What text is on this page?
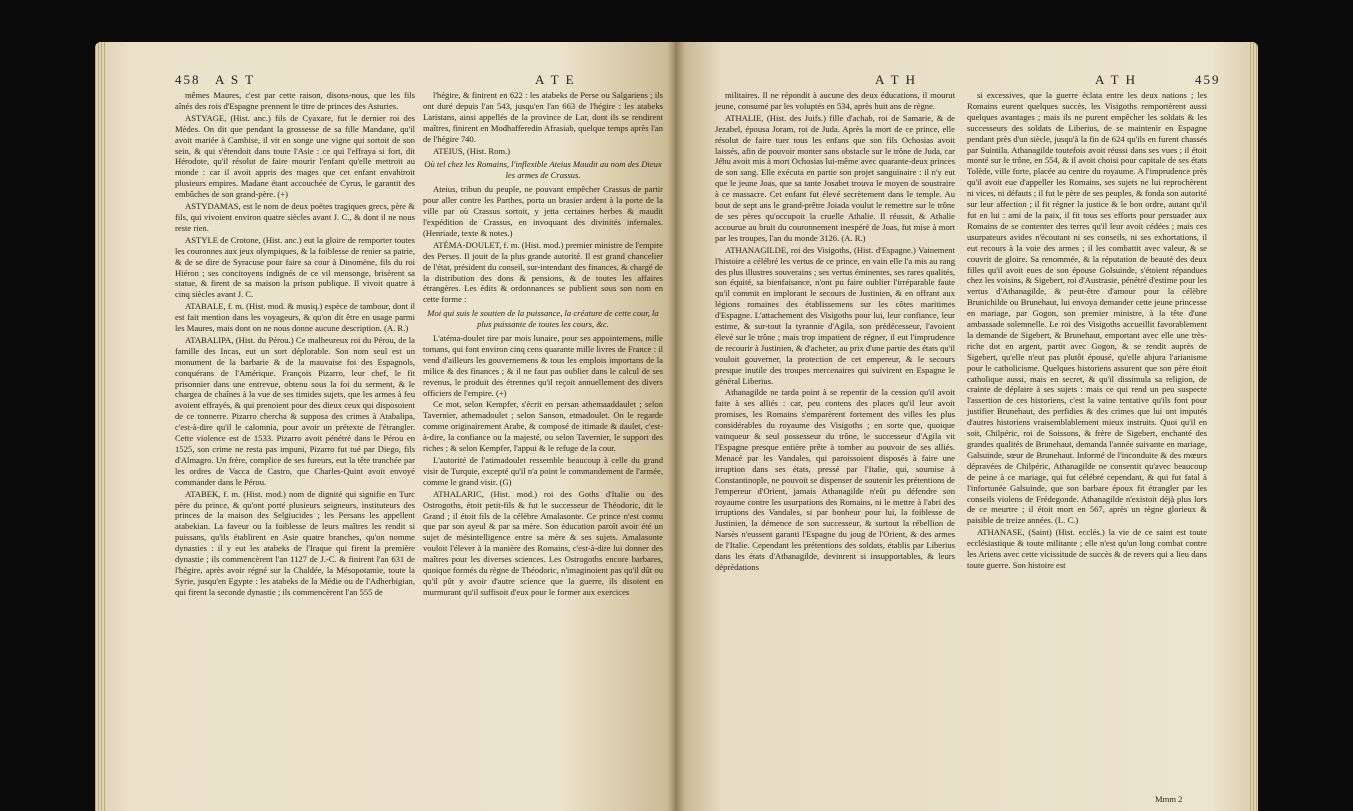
458 A S T	A T E

mêmes Maures, c'est par cette raison, disons-nous, que les fils aînés des rois d'Espagne prennent le titre de princes des Asturies.

ASTYAGE, (Hist. anc.) fils de Cyaxare, fut le dernier roi des Mèdes. On dit que pendant la grossesse de sa fille Mandane, qu'il avoit mariée à Cambise, il vit en songe une vigne qui sortoit de son sein, & qui s'étendoit dans toute l'Asie : ce qui l'effraya si fort, dit Hérodote, qu'il résolut de faire mourir l'enfant qu'elle mettroit au monde : car il avoit appris des mages que cet enfant envahiroit plusieurs empires. Madane étant accouchée de Cyrus, le garantit des embûches de son grand-père. (+)

ASTYDAMAS, est le nom de deux poëtes tragiques grecs, père & fils, qui vivoient environ quatre siècles avant J. C., & dont il ne nous reste rien.

ASTYLE de Crotone, (Hist. anc.) eut la gloire de remporter toutes les couronnes aux jeux olympiques, & la foiblesse de renier sa patrie, & de se dire de Syracuse pour faire sa cour à Dinomène, fils du roi Hiéron ; ses concitoyens indignés de ce vil mensonge, brisèrent sa statue, & firent de sa maison la prison publique. Il vivoit quatre à cinq siècles avant J. C.

ATABALE, f. m. (Hist. mod. & musiq.) espèce de tambour, dont il est fait mention dans les voyageurs, & qu'on dit être en usage parmi les Maures, mais dont on ne nous donne aucune description. (A. R.)

ATABALIPA, (Hist. du Pérou.) Ce malheureux roi du Pérou, de la famille des Incas, eut un sort déplorable. Son nom seul est un monument de la barbarie & de la mauvaise foi des Espagnols, conquérans de l'Amérique. François Pizarro, leur chef, le fit prisonnier dans une entrevue, obtenu sous la foi du serment, & le chargea de chaînes à la vue de ses timides sujets, que les armes à feu avoient effrayés, & qui prenoient pour des dieux ceux qui disposoient de ce tonnerre. Pizarro chercha & supposa des crimes à Atabalipa, c'est-à-dire qu'il le calomnia, pour avoir un prétexte de l'étrangler. Cette violence est de 1533. Pizarro avoit pénétré dans le Pérou en 1525, son crime ne resta pas impuni, Pizarro fut tué par Diego, fils d'Almagro. Un frère, complice de ses fureurs, eut la tête tranchée par les ordres de Vacca de Castro, que Charles-Quint avoit envoyé commander dans le Pérou.

ATABEK, f. m. (Hist. mod.) nom de dignité qui signifie en Turc père du prince, & qu'ont porté plusieurs seigneurs, instituteurs des princes de la maison des Selgiucides ; les Persans les appellent atabekian. La faveur ou la foiblesse de leurs maîtres les rendit si puissans, qu'ils établirent en Asie quatre branches, qu'on nomme dynasties : il y eut les atabeks de l'Iraque qui firent la première dynastie ; ils commencèrent l'an 1127 de J.-C. & finirent l'an 631 de l'hégire, après avoir régné sur la Chaldée, la Mésopotamie, toute la Syrie, jusqu'en Egypte : les atabeks de la Médie ou de l'Adherbigian, qui firent la seconde dynastie ; ils commencèrent l'an 555 de

l'hégire, & finirent en 622 : les atabeks de Perse ou Salgariens ; ils ont duré depuis l'an 543, jusqu'en l'an 663 de l'hégire : les atabeks Laristans, ainsi appellés de la province de Lar, dont ils se rendirent maîtres, finirent en Modhafferedin Afrasiab, quelque temps après l'an de l'hégire 740.

ATEIUS, (Hist. Rom.)

Où tel chez les Romains, l'inflexible Ateius Maudit au nom des Dieux les armes de Crassus.

Ateius, tribun du peuple, ne pouvant empêcher Crassus de partir pour aller contre les Parthes, porta un brasier ardent à la porte de la ville par où Crassus sortoit, y jetta certaines herbes & maudit l'expédition de Crassus, en invoquant des divinités infernales. (Henriade, texte & notes.)

ATÉMA-DOULET, f. m. (Hist. mod.) premier ministre de l'empire des Perses. Il jouit de la plus grande autorité. Il est grand chancelier de l'état, président du conseil, sur-intendant des finances, & chargé de la distribution des dons & pensions, & de toutes les affaires étrangères. Les édits & ordonnances se publient sous son nom en cette forme :

Moi qui suis le soutien de la puissance, la créature de cette cour, la plus puissante de toutes les cours, &c.

L'atéma-doulet tire par mois lunaire, pour ses appointemens, mille tomans, qui font environ cinq cens quarante mille livres de France : il vend d'ailleurs les gouvernemens & tous les emplois importans de la milice & des finances ; & il ne faut pas oublier dans le calcul de ses revenus, le produit des étrennes qu'il reçoit annuellement des divers officiers de l'empire. (+)

Ce mot, selon Kempfer, s'écrit en persan athemaaddaulet ; selon Tavernier, athemadoulet ; selon Sanson, etmadoulet. On le regarde comme originairement Arabe, & composé de itimade & daulet, c'est-à-dire, la confiance ou la majesté, ou selon Tavernier, le support des riches ; & selon Kempfer, l'appui & le refuge de la cour.

L'autorité de l'atimadoulet ressemble beaucoup à celle du grand visir de Turquie, excepté qu'il n'a point le commandement de l'armée, comme le grand visir. (G)

ATHALARIC, (Hist. mod.) roi des Goths d'Italie ou des Ostrogoths, étoit petit-fils & fut le successeur de Théodoric, dit le Grand ; il étoit fils de la célèbre Amalasonte. Ce prince n'est connu que par son ayeul & par sa mère. Son éducation paroît avoir été un sujet de mésintelligence entre sa mère & ses sujets. Amalasonte vouloit l'élever à la manière des Romains, c'est-à-dire lui donner des maîtres pour les diverses sciences. Les Ostrogoths encore barbares, quoique formés du règne de Théodoric, n'imaginoient pas qu'il dût ou qu'il pût y avoir d'autre science que la guerre, ils disoient en murmurant qu'il suffisoit d'eux pour le former aux exercices

A T H	A T H	459

militaires. Il ne répondit à aucune des deux éducations, il mourut jeune, consumé par les voluptés en 534, après huit ans de règne.

ATHALIE, (Hist. des Juifs.) fille d'achab, roi de Samarie, & de Jezabel, épousa Joram, roi de Juda. Après la mort de ce prince, elle résolut de faire tuer tous les enfans que son fils Ochosias avoit laissés, afin de pouvoir monter sans obstacle sur le trône de Juda, car Jéhu avoit mis à mort Ochosias lui-même avec quarante-deux princes de son sang. Elle exécuta en partie son projet sanguinaire : il n'y eut que le jeune Joas, que sa tante Josabet trouva le moyen de soustraire à ce massacre. Cet enfant fut élevé secrètement dans le temple. Au bout de sept ans le grand-prêtre Joiada voulut le remettre sur le trône de ses pères qu'occupoit la cruelle Athalie. Il réussit, & Athalie accourue au bruit du couronnement inespéré de Joas, fut mise à mort par les troupes, l'an du monde 3126. (A. R.)

ATHANAGILDE, roi des Visigoths, (Hist. d'Espagne.) Vainement l'histoire a célébré les vertus de ce prince, en vain elle l'a mis au rang des plus illustres souverains ; ses vertus éminentes, ses rares qualités, son équité, sa bienfaisance, n'ont pu faire oublier l'irréparable faute qu'il commit en implorant le secours de Justinien, & en offrant aux légions romaines des établissemens sur les côtes maritimes d'Espagne. L'attachement des Visigoths pour lui, leur confiance, leur estime, & sur-tout la tyrannie d'Agila, son prédécesseur, l'avoient élevé sur le trône ; mais trop impatient de régner, il eut l'imprudence de recourir à Justinien, & d'acheter, au prix d'une partie des états qu'il vouloit gouverner, la protection de cet empereur, & le secours presque inutile des troupes mercenaires qui suivirent en Espagne le général Liberius.

Athanagilde ne tarda point à se repentir de la cession qu'il avoit faite à ses alliés : car, peu contens des places qu'il leur avoit promises, les Romains s'emparèrent fortement des villes les plus considérables du royaume des Visigoths ; en sorte que, quoique vainqueur & seul possesseur du trône, le successeur d'Agila vit l'Espagne presque entière prête à tomber au pouvoir de ses alliés. Menacé par les Vandales, qui paroissoient disposés à faire une irruption dans ses états, pressé par l'Italie, qui, soumise à Constantinople, ne pouvoit se dispenser de soutenir les prétentions de l'empereur d'Orient, jamais Athanagilde n'eût pu défendre son royaume contre les usurpations des Romains, ni le mettre à l'abri des irruptions des Vandales, si par bonheur pour lui, la foiblesse de Justinien, la démence de son successeur, & surtout la rébellion de Narsès n'eussent garanti l'Espagne du joug de l'Orient, & des armes de l'Italie. Cependant les prétentions des soldats, établis par Liberius dans les états d'Athanagilde, devinrent si insupportables, & leurs déprédations

si excessives, que la guerre éclata entre les deux nations ; les Romains eurent quelques succès, les Visigoths remportèrent aussi quelques avantages ; mais ils ne purent empêcher les soldats & les successeurs des soldats de Liberius, de se maintenir en Espagne pendant près d'un siècle, jusqu'à la fin de 624 qu'ils en furent chassés par Suintila. Athanagilde toutefois avoit réussi dans ses vues ; il étoit monté sur le trône, en 554, & il avoit choisi pour capitale de ses états Tolède, ville forte, placée au centre du royaume. A l'imprudence près qu'il avoit eue d'appeller les Romains, ses sujets ne lui reprochèrent ni vices, ni défauts ; il fut le père de ses peuples, & fonda son autorité sur leur affection ; il fit régner la justice & le bon ordre, autant qu'il fut en lui : ami de la paix, il fit tous ses efforts pour persuader aux Romains de se contenter des terres qu'il leur avoit cédées ; mais ces usurpateurs avides n'écoutant ni ses conseils, ni ses exhortations, il eut recours à la voie des armes ; il les combattit avec valeur, & se couvrit de gloire. Sa renommée, & la réputation de beauté des deux filles qu'il avoit eues de son épouse Golsuinde, s'étoient répandues chez les voisins, & Sigebert, roi d'Austrasie, pénétré d'estime pour les vertus d'Athanagilde, & peut-être d'amour pour la célèbre Brunichilde ou Brunehaut, lui envoya demander cette jeune princesse en mariage, par Gogon, son premier ministre, à la tête d'une ambassade solemnelle. Le roi des Visigoths accueillit favorablement la demande de Sigebert, & Brunehaut, emportant avec elle une très-riche dot en argent, partit avec Gogon, & se rendit auprès de Sigebert, qu'elle n'eut pas plutôt épousé, qu'elle abjura l'arianisme pour le catholicisme. Quelques historiens assurent que son père étoit catholique aussi, mais en secret, & qu'il dissimula sa religion, de crainte de déplaire à ses sujets : mais ce qui rend un peu suspecte l'assertion de ces historiens, c'est la vaine tentative qu'ils font pour justifier Brunehaut, des perfidies & des crimes que lui ont imputés d'autres historiens vraisemblablement mieux instruits. Quoi qu'il en soit, Chilpéric, roi de Soissons, & frère de Sigebert, enchanté des grandes qualités de Brunehaut, demanda l'année suivante en mariage, Galsuinde, sœur de Brunehaut. Informé de l'inconduite & des mœurs dépravées de Chilpéric, Athanagilde ne consentit qu'avec beaucoup de peine à ce mariage, qui fut célébré cependant, & qui fut fatal à l'infortunée Galsuinde, que son barbare époux fit étrangler par les conseils violens de Frédegonde. Athanagilde n'existoit déjà plus lors de ce meurtre ; il étoit mort en 567, après un règne glorieux & paisible de treize années. (L. C.)

ATHANASE, (Saint) (Hist. ecclés.) la vie de ce saint est toute ecclésiastique & toute militante ; elle n'est qu'un long combat contre les Ariens avec cette vicissitude de succès & de revers qui a lieu dans toute guerre. Son histoire est

Mmm 2
